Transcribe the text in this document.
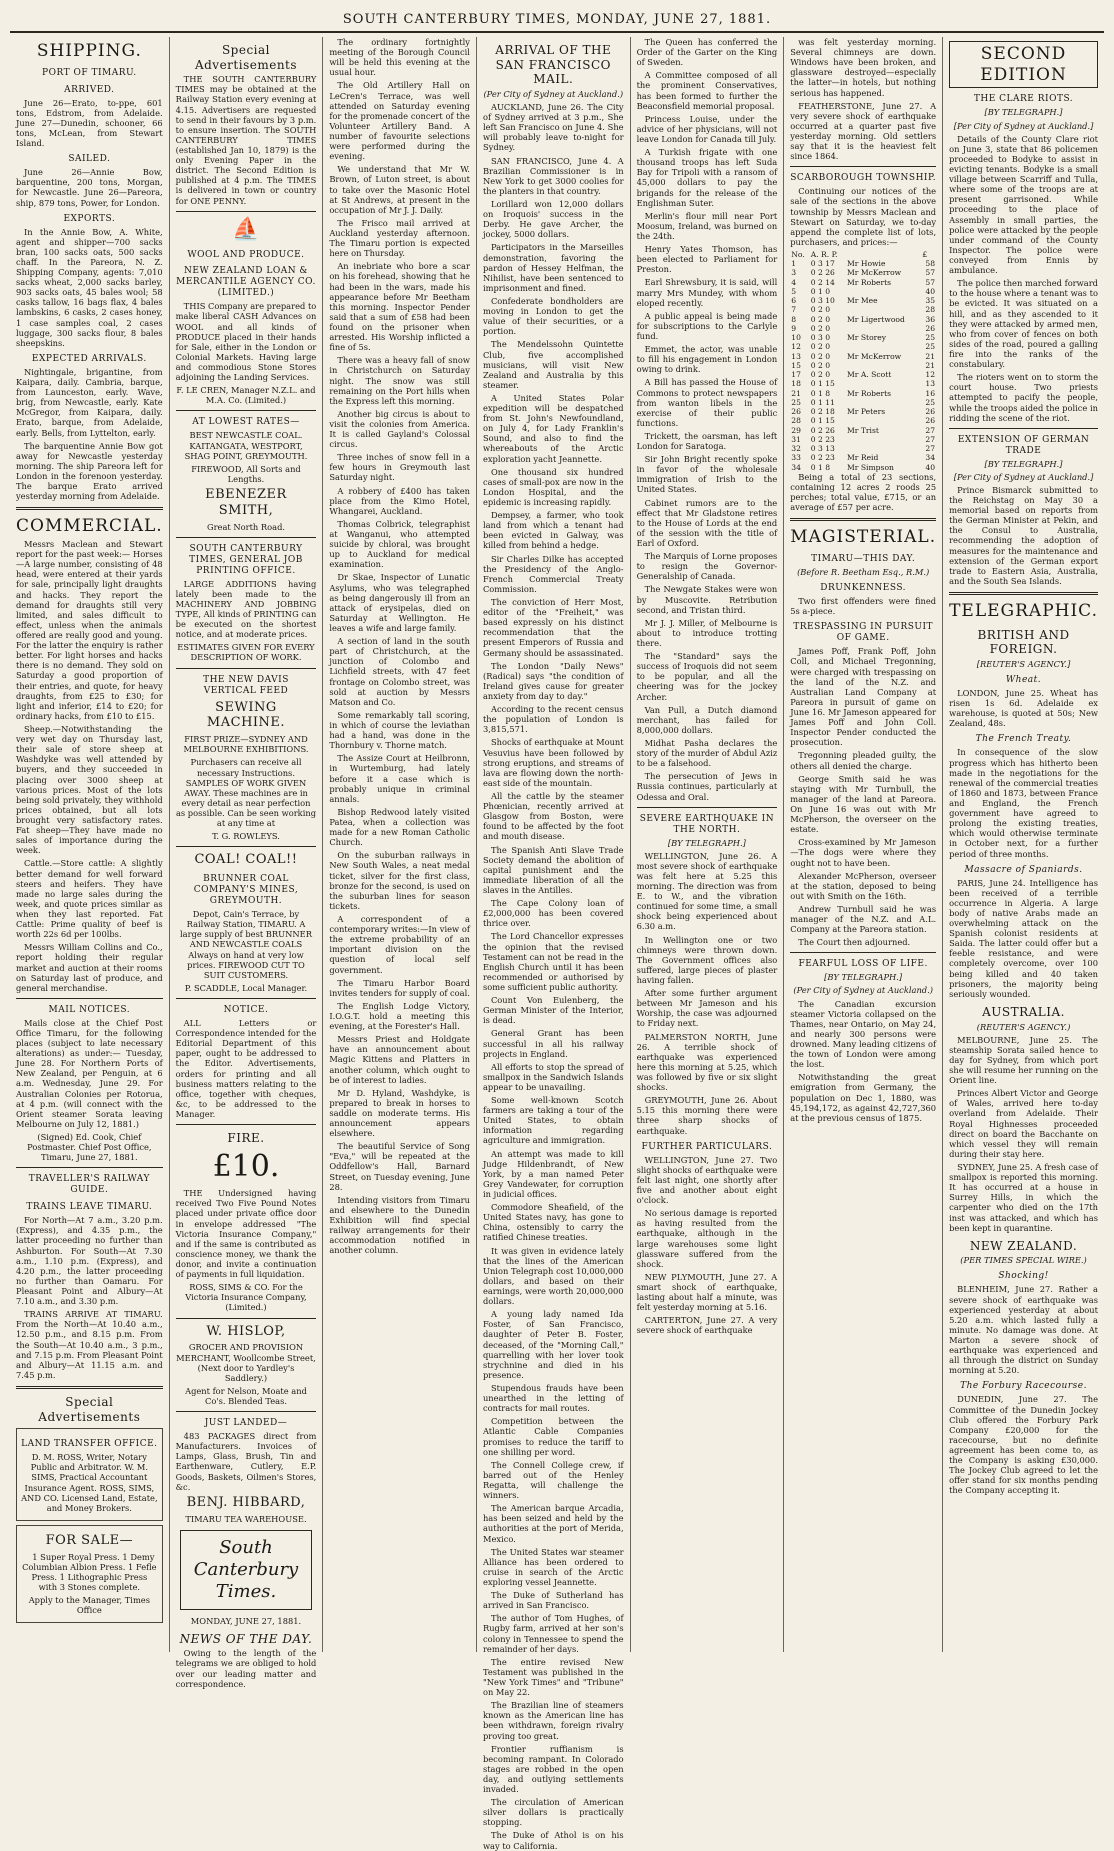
SOUTH CANTERBURY TIMES, MONDAY, JUNE 27, 1881.
SHIPPING.
PORT OF TIMARU.
ARRIVED.

June 26—Erato, to-ppe, 601 tons, Edstrom, from Adelaide. June 27—Dunedin, schooner, 66 tons, McLean, from Stewart Island.

SAILED.

June 26—Annie Bow, barquentine, 200 tons, Morgan, for Newcastle. June 26—Pareora, ship, 879 tons, Power, for London.

EXPORTS.

In the Annie Bow, A. White, agent and shipper—700 sacks bran, 100 sacks oats, 500 sacks chaff. In the Pareora, N. Z. Shipping Company, agents: 7,010 sacks wheat, 2,000 sacks barley, 903 sacks oats, 45 bales wool; 58 casks tallow, 16 bags flax, 4 bales lambskins, 6 casks, 2 cases honey, 1 case samples coal, 2 cases luggage, 300 sacks flour, 8 bales sheepskins.

EXPECTED ARRIVALS.

Nightingale, brigantine, from Kaipara, daily. Cambria, barque, from Launceston, early. Wave, brig, from Newcastle, early. Kate McGregor, from Kaipara, daily. Erato, barque, from Adelaide, early. Bells, from Lyttelton, early.

The barquentine Annie Bow got away for Newcastle yesterday morning. The ship Pareora left for London in the forenoon yesterday. The barque Erato arrived yesterday morning from Adelaide.

COMMERCIAL.

Messrs Maclean and Stewart report for the past week:— Horses—A large number, consisting of 48 head, were entered at their yards for sale, principally light draughts and hacks. They report the demand for draughts still very limited, and sales difficult to effect, unless when the animals offered are really good and young. For the latter the enquiry is rather better. For light horses and hacks there is no demand. They sold on Saturday a good proportion of their entries, and quote, for heavy draughts, from £25 to £30; for light and inferior, £14 to £20; for ordinary hacks, from £10 to £15.

Sheep.—Notwithstanding the very wet day on Thursday last, their sale of store sheep at Washdyke was well attended by buyers, and they succeeded in placing over 3000 sheep at various prices. Most of the lots being sold privately, they withhold prices obtained, but all lots brought very satisfactory rates. Fat sheep—They have made no sales of importance during the week.

Cattle.—Store cattle: A slightly better demand for well forward steers and heifers. They have made no large sales during the week, and quote prices similar as when they last reported. Fat Cattle: Prime quality of beef is worth 22s 6d per 100lbs.

Messrs William Collins and Co., report holding their regular market and auction at their rooms on Saturday last of produce, and general merchandise.

MAIL NOTICES.

Mails close at the Chief Post Office Timaru, for the following places (subject to late necessary alterations) as under:— Tuesday, June 28. For Northern Ports of New Zealand, per Penguin, at 6 a.m. Wednesday, June 29. For Australian Colonies per Rotorua, at 4 p.m. (will connect with the Orient steamer Sorata leaving Melbourne on July 12, 1881.)

(Signed) Ed. Cook, Chief Postmaster. Chief Post Office, Timaru, June 27, 1881.

TRAVELLER'S RAILWAY GUIDE.
TRAINS LEAVE TIMARU.

For North—At 7 a.m., 3.20 p.m. (Express), and 4.35 p.m., the latter proceeding no further than Ashburton. For South—At 7.30 a.m., 1.10 p.m. (Express), and 4.20 p.m., the latter proceeding no further than Oamaru. For Pleasant Point and Albury—At 7.10 a.m., and 3.30 p.m.

TRAINS ARRIVE AT TIMARU. From the North—At 10.40 a.m., 12.50 p.m., and 8.15 p.m. From the South—At 10.40 a.m., 3 p.m., and 7.15 p.m. From Pleasant Point and Albury—At 11.15 a.m. and 7.45 p.m.

Special Advertisements
LAND TRANSFER OFFICE.

D. M. ROSS, Writer, Notary Public and Arbitrator. W. M. SIMS, Practical Accountant Insurance Agent. ROSS, SIMS, AND CO. Licensed Land, Estate, and Money Brokers.

FOR SALE—

1 Super Royal Press. 1 Demy Columbian Albion Press. 1 Fefle Press. 1 Lithographic Press with 3 Stones complete.

Apply to the Manager, Times Office

Special Advertisements

THE SOUTH CANTERBURY TIMES may be obtained at the Railway Station every evening at 4.15. Advertisers are requested to send in their favours by 3 p.m. to ensure insertion. The SOUTH CANTERBURY TIMES (established Jan 10, 1879) is the only Evening Paper in the district. The Second Edition is published at 4 p.m. The TIMES is delivered in town or country for ONE PENNY.

⛵
WOOL AND PRODUCE.
NEW ZEALAND LOAN & MERCANTILE AGENCY CO. (LIMITED.)

THIS Company are prepared to make liberal CASH Advances on WOOL and all kinds of PRODUCE placed in their hands for Sale, either in the London or Colonial Markets. Having large and commodious Stone Stores adjoining the Landing Services.

F. LE CREN, Manager N.Z.L. and M.A. Co. (Limited.)

AT LOWEST RATES—

BEST NEWCASTLE COAL. KAITANGATA, WESTPORT, SHAG POINT, GREYMOUTH.

FIREWOOD, All Sorts and Lengths.

EBENEZER SMITH,

Great North Road.

SOUTH CANTERBURY TIMES, GENERAL JOB PRINTING OFFICE.

LARGE ADDITIONS having lately been made to the MACHINERY AND JOBBING TYPE, All kinds of PRINTING can be executed on the shortest notice, and at moderate prices.

ESTIMATES GIVEN FOR EVERY DESCRIPTION OF WORK.

THE NEW DAVIS VERTICAL FEED
SEWING MACHINE.

FIRST PRIZE—SYDNEY AND MELBOURNE EXHIBITIONS.

Purchasers can receive all necessary Instructions. SAMPLES OF WORK GIVEN AWAY. These machines are in every detail as near perfection as possible. Can be seen working at any time at

T. G. ROWLEYS.

COAL! COAL!!
BRUNNER COAL COMPANY'S MINES, GREYMOUTH.

Depot, Cain's Terrace, by Railway Station, TIMARU. A large supply of best BRUNNER AND NEWCASTLE COALS Always on hand at very low prices. FIREWOOD CUT TO SUIT CUSTOMERS.

P. SCADDLE, Local Manager.

NOTICE.

ALL Letters or Correspondence intended for the Editorial Department of this paper, ought to be addressed to the Editor. Advertisements, orders for printing and all business matters relating to the office, together with cheques, &c, to be addressed to the Manager.

FIRE.
£10.

THE Undersigned having received Two Five Pound Notes placed under private office door in envelope addressed "The Victoria Insurance Company," and if the same is contributed as conscience money, we thank the donor, and invite a continuation of payments in full liquidation.

ROSS, SIMS & CO. For the Victoria Insurance Company, (Limited.)

W. HISLOP,

GROCER AND PROVISION MERCHANT, Woollcombe Street, (Next door to Yardley's Saddlery.)

Agent for Nelson, Moate and Co's. Blended Teas.

JUST LANDED—

483 PACKAGES direct from Manufacturers. Invoices of Lamps, Glass, Brush, Tin and Earthenware, Cutlery, E.P. Goods, Baskets, Oilmen's Stores, &c.

BENJ. HIBBARD,

TIMARU TEA WAREHOUSE.

South Canterbury Times.

MONDAY, JUNE 27, 1881.

NEWS OF THE DAY.

Owing to the length of the telegrams we are obliged to hold over our leading matter and correspondence.

The ordinary fortnightly meeting of the Borough Council will be held this evening at the usual hour.

The Old Artillery Hall on LeCren's Terrace, was well attended on Saturday evening for the promenade concert of the Volunteer Artillery Band. A number of favourite selections were performed during the evening.

We understand that Mr W. Brown, of Luton street, is about to take over the Masonic Hotel at St Andrews, at present in the occupation of Mr J. J. Daily.

The Frisco mail arrived at Auckland yesterday afternoon. The Timaru portion is expected here on Thursday.

An inebriate who bore a scar on his forehead, showing that he had been in the wars, made his appearance before Mr Beetham this morning. Inspector Pender said that a sum of £58 had been found on the prisoner when arrested. His Worship inflicted a fine of 5s.

There was a heavy fall of snow in Christchurch on Saturday night. The snow was still remaining on the Port hills when the Express left this morning.

Another big circus is about to visit the colonies from America. It is called Gayland's Colossal circus.

Three inches of snow fell in a few hours in Greymouth last Saturday night.

A robbery of £400 has taken place from the Kimo Hotel, Whangarei, Auckland.

Thomas Colbrick, telegraphist at Wanganui, who attempted suicide by chloral, was brought up to Auckland for medical examination.

Dr Skae, Inspector of Lunatic Asylums, who was telegraphed as being dangerously ill from an attack of erysipelas, died on Saturday at Wellington. He leaves a wife and large family.

A section of land in the south part of Christchurch, at the junction of Colombo and Lichfield streets, with 47 feet frontage on Colombo street, was sold at auction by Messrs Matson and Co.

Some remarkably tall scoring, in which of course the leviathan had a hand, was done in the Thornbury v. Thorne match.

The Assize Court at Heilbronn, in Wurtemburg, had lately before it a case which is probably unique in criminal annals.

Bishop Redwood lately visited Patea, when a collection was made for a new Roman Catholic Church.

On the suburban railways in New South Wales, a neat medal ticket, silver for the first class, bronze for the second, is used on the suburban lines for season tickets.

A correspondent of a contemporary writes:—In view of the extreme probability of an important division on the question of local self government.

The Timaru Harbor Board invites tenders for supply of coal.

The English Lodge Victory, I.O.G.T. hold a meeting this evening, at the Forester's Hall.

Messrs Priest and Holdgate have an announcement about Magic Kittens and Platters in another column, which ought to be of interest to ladies.

Mr D. Hyland, Washdyke, is prepared to break in horses to saddle on moderate terms. His announcement appears elsewhere.

The beautiful Service of Song "Eva," will be repeated at the Oddfellow's Hall, Barnard Street, on Tuesday evening, June 28.

Intending visitors from Timaru and elsewhere to the Dunedin Exhibition will find special railway arrangements for their accommodation notified in another column.

ARRIVAL OF THE SAN FRANCISCO MAIL.
(Per City of Sydney at Auckland.)

AUCKLAND, June 26. The City of Sydney arrived at 3 p.m., She left San Francisco on June 4. She will probably leave to-night for Sydney.

SAN FRANCISCO, June 4. A Brazilian Commissioner is in New York to get 3000 coolies for the planters in that country.

Lorillard won 12,000 dollars on Iroquois' success in the Derby. He gave Archer, the jockey, 5000 dollars.

Participators in the Marseilles demonstration, favoring the pardon of Hessey Helfman, the Nihilist, have been sentenced to imprisonment and fined.

Confederate bondholders are moving in London to get the value of their securities, or a portion.

The Mendelssohn Quintette Club, five accomplished musicians, will visit New Zealand and Australia by this steamer.

A United States Polar expedition will be despatched from St. John's Newfoundland, on July 4, for Lady Franklin's Sound, and also to find the whereabouts of the Arctic exploration yacht Jeannette.

One thousand six hundred cases of small-pox are now in the London Hospital, and the epidemic is increasing rapidly.

Dempsey, a farmer, who took land from which a tenant had been evicted in Galway, was killed from behind a hedge.

Sir Charles Dilke has accepted the Presidency of the Anglo-French Commercial Treaty Commission.

The conviction of Herr Most, editor of the "Freiheit," was based expressly on his distinct recommendation that the present Emperors of Russia and Germany should be assassinated.

The London "Daily News" (Radical) says "the condition of Ireland gives cause for greater anxiety from day to day."

According to the recent census the population of London is 3,815,571.

Shocks of earthquake at Mount Vesuvius have been followed by strong eruptions, and streams of lava are flowing down the north-east side of the mountain.

All the cattle by the steamer Phœnician, recently arrived at Glasgow from Boston, were found to be affected by the foot and mouth disease.

The Spanish Anti Slave Trade Society demand the abolition of capital punishment and the immediate liberation of all the slaves in the Antilles.

The Cape Colony loan of £2,000,000 has been covered thrice over.

The Lord Chancellor expresses the opinion that the revised Testament can not be read in the English Church until it has been recommended or authorised by some sufficient public authority.

Count Von Eulenberg, the German Minister of the Interior, is dead.

General Grant has been successful in all his railway projects in England.

All efforts to stop the spread of smallpox in the Sandwich Islands appear to be unavailing.

Some well-known Scotch farmers are taking a tour of the United States, to obtain information regarding agriculture and immigration.

An attempt was made to kill Judge Hildenbrandt, of New York, by a man named Peter Grey Vandewater, for corruption in judicial offices.

Commodore Sheafield, of the United States navy, has gone to China, ostensibly to carry the ratified Chinese treaties.

It was given in evidence lately that the lines of the American Union Telegraph cost 10,000,000 dollars, and based on their earnings, were worth 20,000,000 dollars.

A young lady named Ida Foster, of San Francisco, daughter of Peter B. Foster, deceased, of the "Morning Call," quarrelling with her lover took strychnine and died in his presence.

Stupendous frauds have been unearthed in the letting of contracts for mail routes.

Competition between the Atlantic Cable Companies promises to reduce the tariff to one shilling per word.

The Connell College crew, if barred out of the Henley Regatta, will challenge the winners.

The American barque Arcadia, has been seized and held by the authorities at the port of Merida, Mexico.

The United States war steamer Alliance has been ordered to cruise in search of the Arctic exploring vessel Jeannette.

The Duke of Sutherland has arrived in San Francisco.

The author of Tom Hughes, of Rugby farm, arrived at her son's colony in Tennessee to spend the remainder of her days.

The entire revised New Testament was published in the "New York Times" and "Tribune" on May 22.

The Brazilian line of steamers known as the American line has been withdrawn, foreign rivalry proving too great.

Frontier ruffianism is becoming rampant. In Colorado stages are robbed in the open day, and outlying settlements invaded.

The circulation of American silver dollars is practically stopping.

The Duke of Athol is on his way to California.

The Queen has conferred the Order of the Garter on the King of Sweden.

A Committee composed of all the prominent Conservatives, has been formed to further the Beaconsfield memorial proposal.

Princess Louise, under the advice of her physicians, will not leave London for Canada till July.

A Turkish frigate with one thousand troops has left Suda Bay for Tripoli with a ransom of 45,000 dollars to pay the brigands for the release of the Englishman Suter.

Merlin's flour mill near Port Moosum, Ireland, was burned on the 24th.

Henry Yates Thomson, has been elected to Parliament for Preston.

Earl Shrewsbury, it is said, will marry Mrs Mundey, with whom eloped recently.

A public appeal is being made for subscriptions to the Carlyle fund.

Emmet, the actor, was unable to fill his engagement in London owing to drink.

A Bill has passed the House of Commons to protect newspapers from wanton libels in the exercise of their public functions.

Trickett, the oarsman, has left London for Saratoga.

Sir John Bright recently spoke in favor of the wholesale immigration of Irish to the United States.

Cabinet rumors are to the effect that Mr Gladstone retires to the House of Lords at the end of the session with the title of Earl of Oxford.

The Marquis of Lorne proposes to resign the Governor-Generalship of Canada.

The Newgate Stakes were won by Muscovite. Retribution second, and Tristan third.

Mr J. J. Miller, of Melbourne is about to introduce trotting there.

The "Standard" says the success of Iroquois did not seem to be popular, and all the cheering was for the jockey Archer.

Van Pull, a Dutch diamond merchant, has failed for 8,000,000 dollars.

Midhat Pasha declares the story of the murder of Abdul Aziz to be a falsehood.

The persecution of Jews in Russia continues, particularly at Odessa and Oral.

SEVERE EARTHQUAKE IN THE NORTH.
[BY TELEGRAPH.]

WELLINGTON, June 26. A most severe shock of earthquake was felt here at 5.25 this morning. The direction was from E. to W., and the vibration continued for some time, a small shock being experienced about 6.30 a.m.

In Wellington one or two chimneys were thrown down. The Government offices also suffered, large pieces of plaster having fallen.

After some further argument between Mr Jameson and his Worship, the case was adjourned to Friday next.

PALMERSTON NORTH, June 26. A terrible shock of earthquake was experienced here this morning at 5.25, which was followed by five or six slight shocks.

GREYMOUTH, June 26. About 5.15 this morning there were three sharp shocks of earthquake.

FURTHER PARTICULARS.

WELLINGTON, June 27. Two slight shocks of earthquake were felt last night, one shortly after five and another about eight o'clock.

No serious damage is reported as having resulted from the earthquake, although in the large warehouses some light glassware suffered from the shock.

NEW PLYMOUTH, June 27. A smart shock of earthquake, lasting about half a minute, was felt yesterday morning at 5.16.

CARTERTON, June 27. A very severe shock of earthquake

was felt yesterday morning. Several chimneys are down. Windows have been broken, and glassware destroyed—especially the latter—in hotels, but nothing serious has happened.

FEATHERSTONE, June 27. A very severe shock of earthquake occurred at a quarter past five yesterday morning. Old settlers say that it is the heaviest felt since 1864.

SCARBOROUGH TOWNSHIP.

Continuing our notices of the sale of the sections in the above township by Messrs Maclean and Stewart on Saturday, we to-day append the complete list of lots, purchasers, and prices:—

No.	A. R. P.		£
1	0 3 17	Mr Howie	58
3	0 2 26	Mr McKerrow	57
4	0 2 14	Mr Roberts	57
5	0 1 0		40
6	0 3 10	Mr Mee	35
7	0 2 0		28
8	0 2 0	Mr Ligertwood	36
9	0 2 0		26
10	0 3 0	Mr Storey	25
12	0 2 0		25
13	0 2 0	Mr McKerrow	21
15	0 2 0		21
17	0 2 0	Mr A. Scott	12
18	0 1 15		13
21	0 1 8	Mr Roberts	16
25	0 1 11		25
26	0 2 18	Mr Peters	26
28	0 1 15		26
29	0 2 26	Mr Trist	27
31	0 2 23		27
32	0 3 13		27
33	0 2 23	Mr Reid	34
34	0 1 8	Mr Simpson	40

Being a total of 23 sections, containing 12 acres 2 roods 25 perches; total value, £715, or an average of £57 per acre.

MAGISTERIAL.
TIMARU—THIS DAY.
(Before R. Beetham Esq., R.M.)
DRUNKENNESS.

Two first offenders were fined 5s a-piece.

TRESPASSING IN PURSUIT OF GAME.

James Poff, Frank Poff, John Coll, and Michael Tregonning, were charged with trespassing on the land of the N.Z. and Australian Land Company at Pareora in pursuit of game on June 16. Mr Jameson appeared for James Poff and John Coll. Inspector Pender conducted the prosecution.

Tregonning pleaded guilty, the others all denied the charge.

George Smith said he was staying with Mr Turnbull, the manager of the land at Pareora. On June 16 was out with Mr McPherson, the overseer on the estate.

Cross-examined by Mr Jameson—The dogs were where they ought not to have been.

Alexander McPherson, overseer at the station, deposed to being out with Smith on the 16th.

Andrew Turnbull said he was manager of the N.Z. and A.L. Company at the Pareora station.

The Court then adjourned.

FEARFUL LOSS OF LIFE.
[BY TELEGRAPH.]
(Per City of Sydney at Auckland.)

The Canadian excursion steamer Victoria collapsed on the Thames, near Ontario, on May 24, and nearly 300 persons were drowned. Many leading citizens of the town of London were among the lost.

Notwithstanding the great emigration from Germany, the population on Dec 1, 1880, was 45,194,172, as against 42,727,360 at the previous census of 1875.

SECOND EDITION
THE CLARE RIOTS.
[BY TELEGRAPH.]
[Per City of Sydney at Auckland.]

Details of the County Clare riot on June 3, state that 86 policemen proceeded to Bodyke to assist in evicting tenants. Bodyke is a small village between Scarriff and Tulla, where some of the troops are at present garrisoned. While proceeding to the place of Assembly in small parties, the police were attacked by the people under command of the County Inspector. The police were conveyed from Ennis by ambulance.

The police then marched forward to the house where a tenant was to be evicted. It was situated on a hill, and as they ascended to it they were attacked by armed men, who from cover of fences on both sides of the road, poured a galling fire into the ranks of the constabulary.

The rioters went on to storm the court house. Two priests attempted to pacify the people, while the troops aided the police in ridding the scene of the riot.

EXTENSION OF GERMAN TRADE
[BY TELEGRAPH.]
[Per City of Sydney at Auckland.]

Prince Bismarck submitted to the Reichstag on May 30 a memorial based on reports from the German Minister at Pekin, and the Consul to Australia, recommending the adoption of measures for the maintenance and extension of the German export trade to Eastern Asia, Australia, and the South Sea Islands.

TELEGRAPHIC.
BRITISH AND FOREIGN.
[REUTER'S AGENCY.]
Wheat.

LONDON, June 25. Wheat has risen 1s 6d. Adelaide ex warehouse, is quoted at 50s; New Zealand, 48s.

The French Treaty.

In consequence of the slow progress which has hitherto been made in the negotiations for the renewal of the commercial treaties of 1860 and 1873, between France and England, the French government have agreed to prolong the existing treaties, which would otherwise terminate in October next, for a further period of three months.

Massacre of Spaniards.

PARIS, June 24. Intelligence has been received of a terrible occurrence in Algeria. A large body of native Arabs made an overwhelming attack on the Spanish colonist residents at Saida. The latter could offer but a feeble resistance, and were completely overcome, over 100 being killed and 40 taken prisoners, the majority being seriously wounded.

AUSTRALIA.
(REUTER'S AGENCY.)

MELBOURNE, June 25. The steamship Sorata sailed hence to day for Sydney, from which port she will resume her running on the Orient line.

Princes Albert Victor and George of Wales, arrived here to-day overland from Adelaide. Their Royal Highnesses proceeded direct on board the Bacchante on which vessel they will remain during their stay here.

SYDNEY, June 25. A fresh case of smallpox is reported this morning. It has occurred at a house in Surrey Hills, in which the carpenter who died on the 17th inst was attacked, and which has been kept in quarantine.

NEW ZEALAND.
(PER TIMES SPECIAL WIRE.)
Shocking!

BLENHEIM, June 27. Rather a severe shock of earthquake was experienced yesterday at about 5.20 a.m. which lasted fully a minute. No damage was done. At Marton a severe shock of earthquake was experienced and all through the district on Sunday morning at 5.20.

The Forbury Racecourse.

DUNEDIN, June 27. The Committee of the Dunedin Jockey Club offered the Forbury Park Company £20,000 for the racecourse, but no definite agreement has been come to, as the Company is asking £30,000. The Jockey Club agreed to let the offer stand for six months pending the Company accepting it.
